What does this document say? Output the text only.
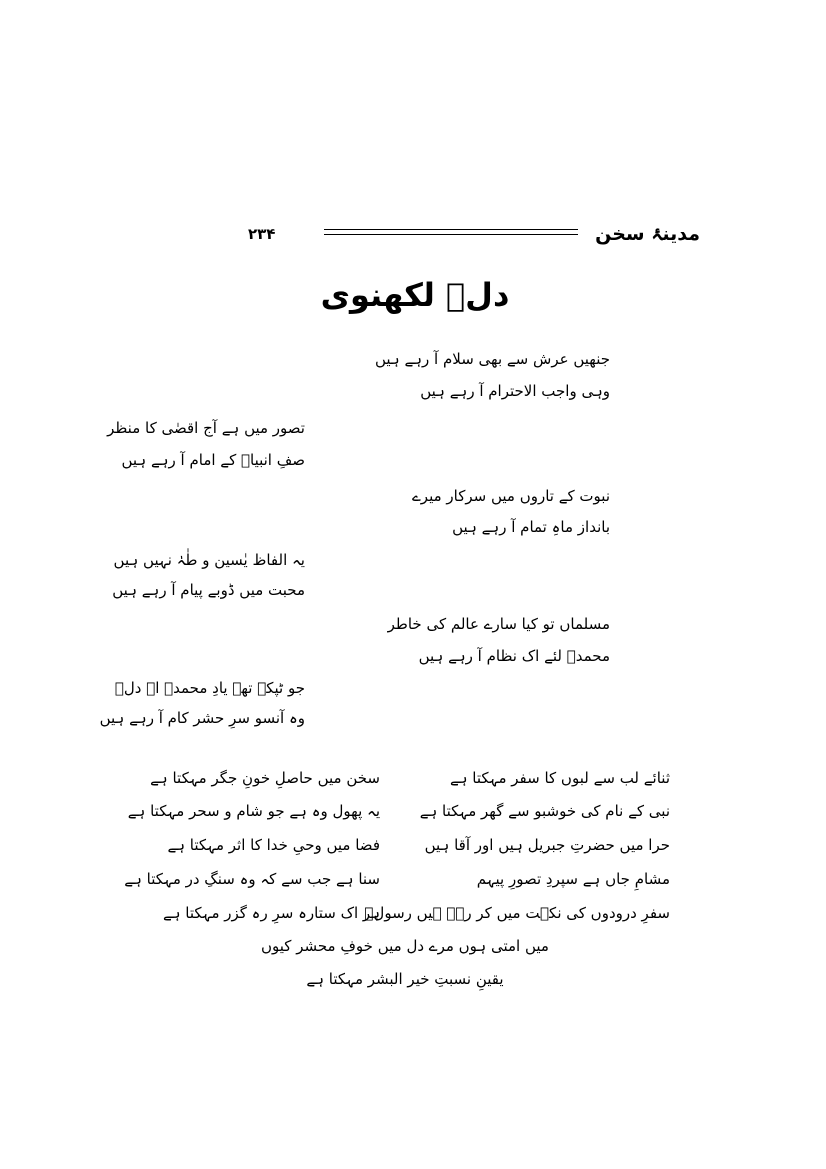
مدینۂ سخن
۲۳۴
دلؔ لکھنوی
جنھیں عرش سے بھی سلام آ رہے ہیں
وہی واجب الاحترام آ رہے ہیں
تصور میں ہے آج اقصٰی کا منظر
صفِ انبیاؑ کے امام آ رہے ہیں
نبوت کے تاروں میں سرکار میرے
بانداز ماہِ تمام آ رہے ہیں
یہ الفاظ یٰسین و طٰہٰ نہیں ہیں
محبت میں ڈوبے پیام آ رہے ہیں
مسلماں تو کیا سارے عالم کی خاطر
محمدؐ لئے اک نظام آ رہے ہیں
جو ٹپکے تھے یادِ محمدؐ اے دلؔ
وہ آنسو سرِ حشر کام آ رہے ہیں
ثنائے لب سے لبوں کا سفر مہکتا ہے
سخن میں حاصلِ خونِ جگر مہکتا ہے
نبی کے نام کی خوشبو سے گھر مہکتا ہے
یہ پھول وہ ہے جو شام و سحر مہکتا ہے
حرا میں حضرتِ جبریل ہیں اور آقا ہیں
فضا میں وحیِ خدا کا اثر مہکتا ہے
مشامِ جاں ہے سپردِ تصورِ پیہم
سنا ہے جب سے کہ وہ سنگِ در مہکتا ہے
سفرِ درودوں کی نکہت میں کر رہے ہیں رسولؐ
ہر اک ستارہ سرِ رہ گزر مہکتا ہے
میں امتی ہوں مرے دل میں خوفِ محشر کیوں
یقینِ نسبتِ خیر البشر مہکتا ہے
